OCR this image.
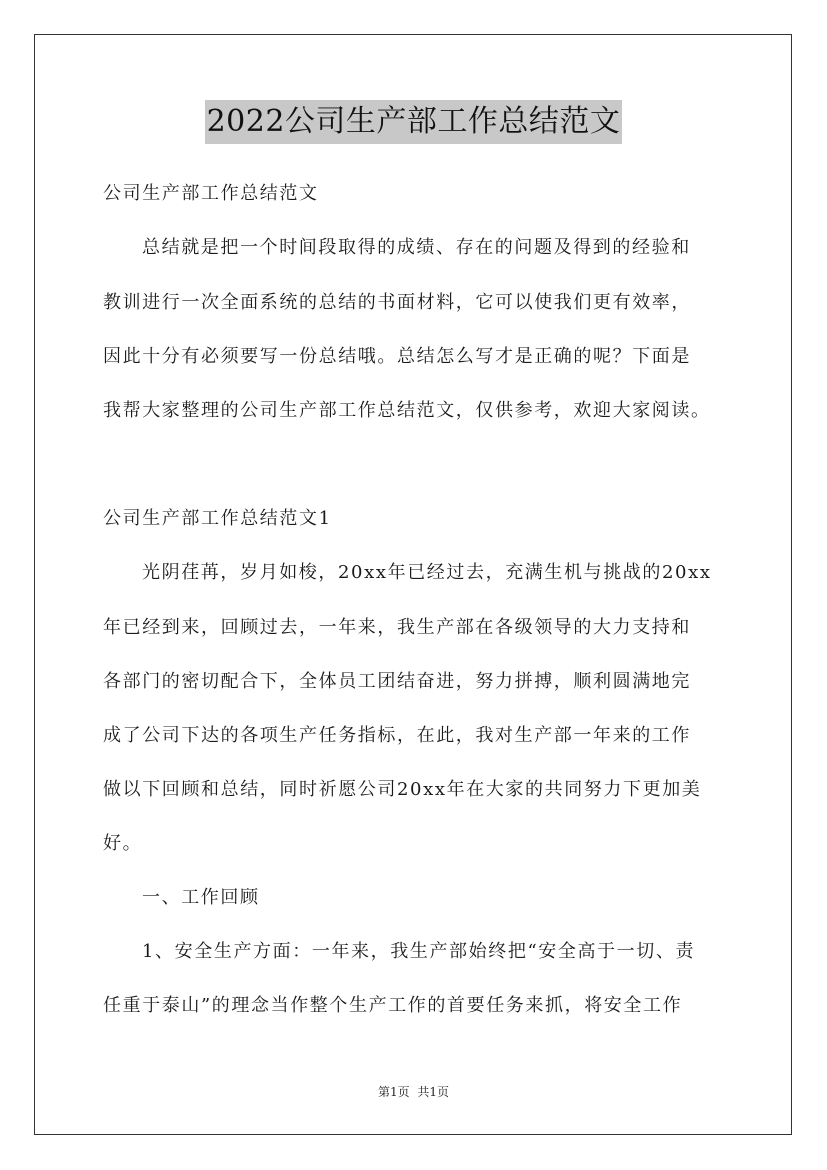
2022公司生产部工作总结范文
公司生产部工作总结范文
总结就是把一个时间段取得的成绩、存在的问题及得到的经验和
教训进行一次全面系统的总结的书面材料，它可以使我们更有效率，
因此十分有必须要写一份总结哦。总结怎么写才是正确的呢？下面是
我帮大家整理的公司生产部工作总结范文，仅供参考，欢迎大家阅读。
公司生产部工作总结范文1
光阴荏苒，岁月如梭，20xx年已经过去，充满生机与挑战的20xx
年已经到来，回顾过去，一年来，我生产部在各级领导的大力支持和
各部门的密切配合下，全体员工团结奋进，努力拼搏，顺利圆满地完
成了公司下达的各项生产任务指标，在此，我对生产部一年来的工作
做以下回顾和总结，同时祈愿公司20xx年在大家的共同努力下更加美
好。
一、工作回顾
1、安全生产方面：一年来，我生产部始终把“安全高于一切、责
任重于泰山”的理念当作整个生产工作的首要任务来抓，将安全工作
第1页 共1页
